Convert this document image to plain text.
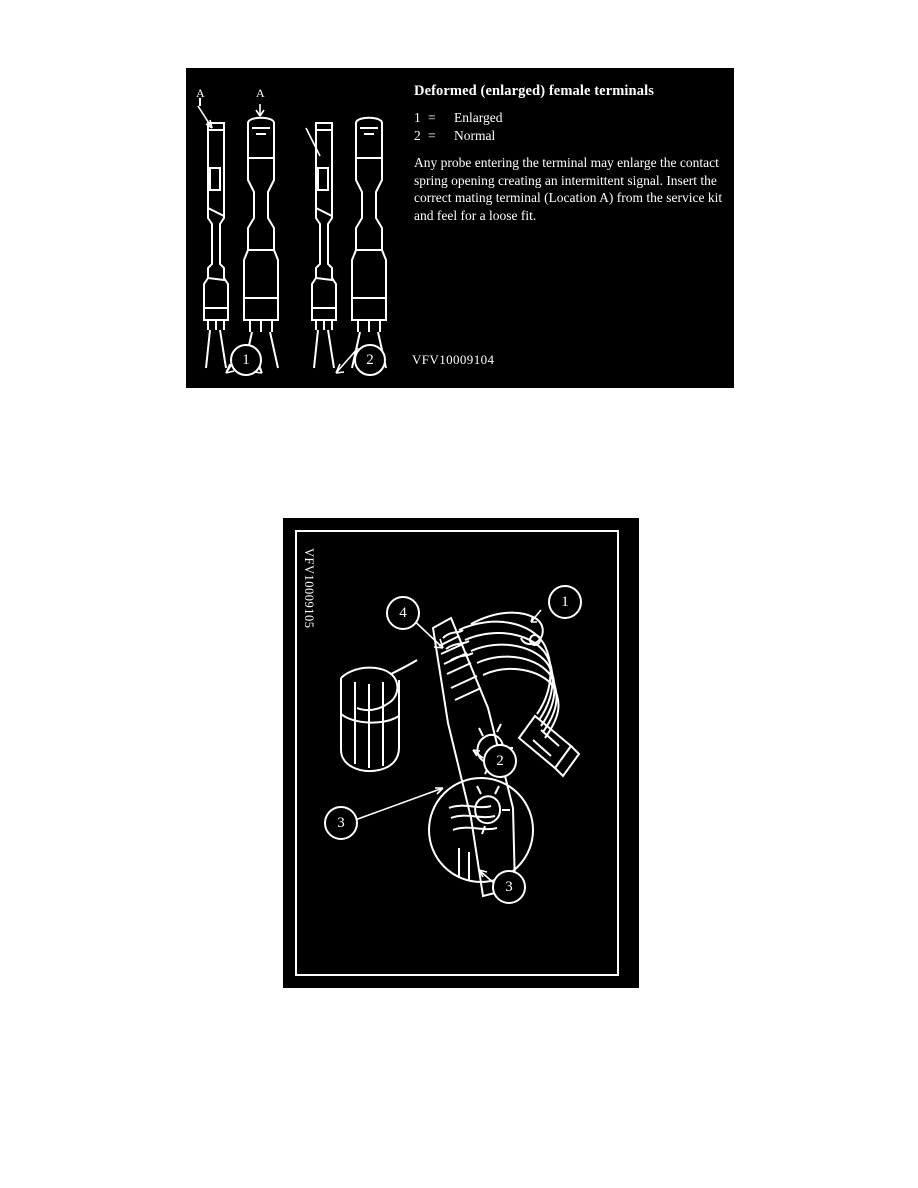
A	A
1	2

Deformed (enlarged) female terminals

1 = Enlarged
2 = Normal

Any probe entering the terminal may enlarge the contact spring opening creating an intermittent signal. Insert the correct mating terminal (Location A) from the service kit and feel for a loose fit.

VFV10009104
VFV10009105	1
4
2
3
3
